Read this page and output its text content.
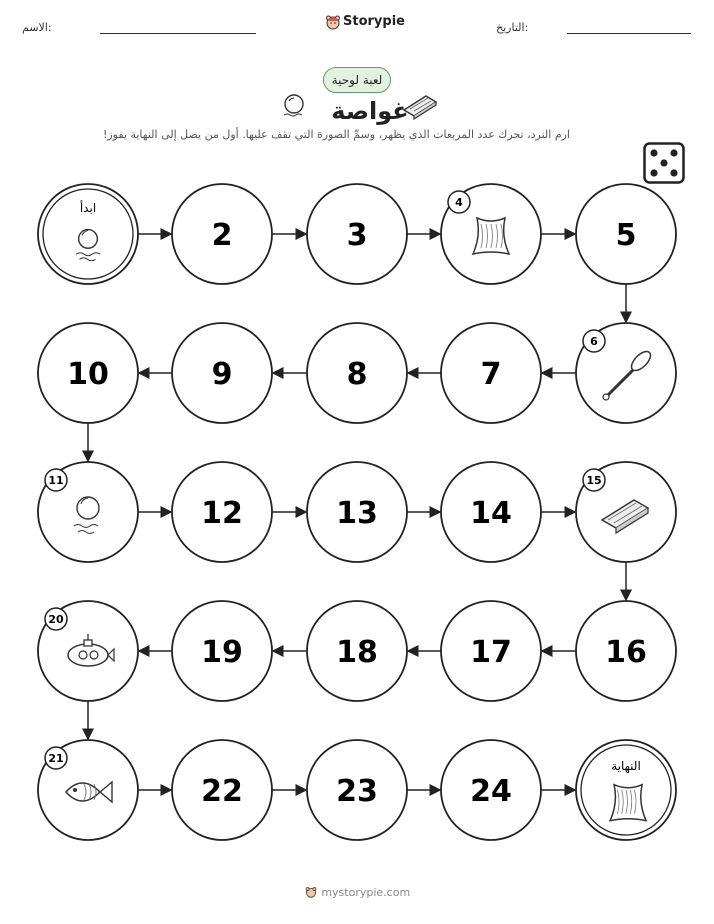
الاسم:	Storypie	التاريخ:
لعبة لوحية
غواصة
ارم النرد، تحرك عدد المربعات الذي يظهر، وسمِّ الصورة التي تقف عليها. أول من يصل إلى النهاية يفوز!
ابدأ
2	3
4
5
6
7
8
9
10
11
12	13	14
15
16
17
18
19
20
21
22	23	24
النهاية
mystorypie.com
